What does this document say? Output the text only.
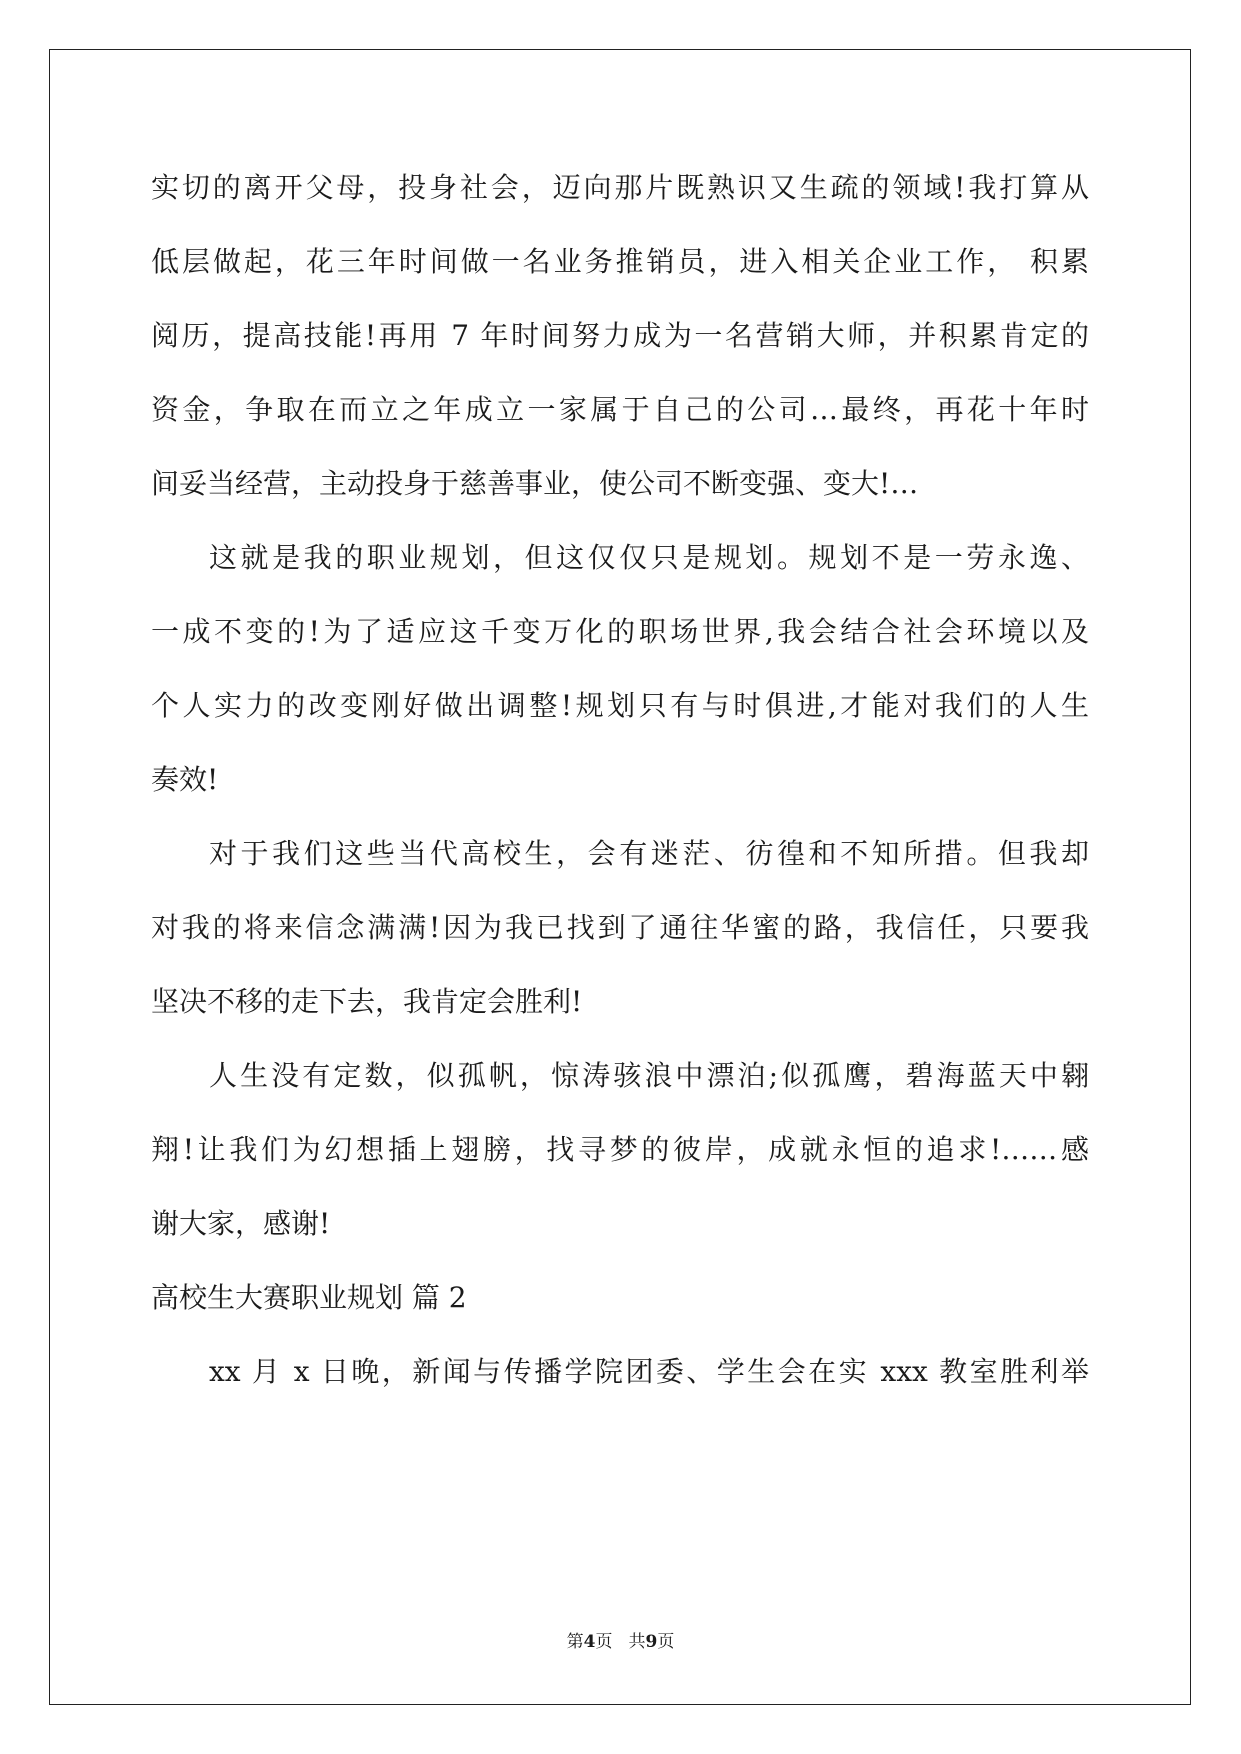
实切的离开父母，投身社会，迈向那片既熟识又生疏的领域!我打算从
低层做起，花三年时间做一名业务推销员，进入相关企业工作， 积累
阅历，提高技能!再用 7 年时间努力成为一名营销大师，并积累肯定的
资金，争取在而立之年成立一家属于自己的公司…最终，再花十年时
间妥当经营，主动投身于慈善事业，使公司不断变强、变大!…
这就是我的职业规划，但这仅仅只是规划。规划不是一劳永逸、
一成不变的!为了适应这千变万化的职场世界,我会结合社会环境以及
个人实力的改变刚好做出调整!规划只有与时俱进,才能对我们的人生
奏效!
对于我们这些当代高校生，会有迷茫、彷徨和不知所措。但我却
对我的将来信念满满!因为我已找到了通往华蜜的路，我信任，只要我
坚决不移的走下去，我肯定会胜利!
人生没有定数，似孤帆，惊涛骇浪中漂泊;似孤鹰，碧海蓝天中翱
翔!让我们为幻想插上翅膀，找寻梦的彼岸，成就永恒的追求!……感
谢大家，感谢!
高校生大赛职业规划 篇 2
xx 月 x 日晚，新闻与传播学院团委、学生会在实 xxx 教室胜利举
第4页 共9页
